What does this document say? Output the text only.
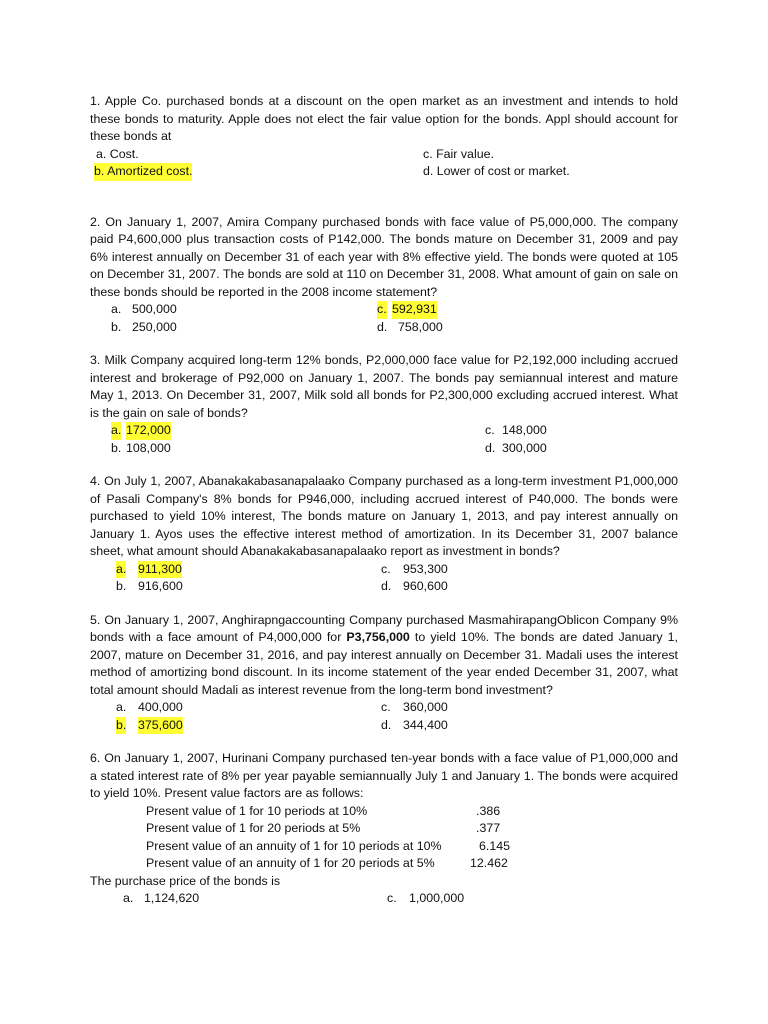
1. Apple Co. purchased bonds at a discount on the open market as an investment and intends to hold these bonds to maturity. Apple does not elect the fair value option for the bonds. Appl should account for these bonds at

a. Cost.
b. Amortized cost.
c. Fair value.
d. Lower of cost or market.

2. On January 1, 2007, Amira Company purchased bonds with face value of P5,000,000. The company paid P4,600,000 plus transaction costs of P142,000. The bonds mature on December 31, 2009 and pay 6% interest annually on December 31 of each year with 8% effective yield. The bonds were quoted at 105 on December 31, 2007. The bonds are sold at 110 on December 31, 2008. What amount of gain on sale on these bonds should be reported in the 2008 income statement?

a. 500,000
b. 250,000
c. 592,931
d. 758,000

3. Milk Company acquired long-term 12% bonds, P2,000,000 face value for P2,192,000 including accrued interest and brokerage of P92,000 on January 1, 2007. The bonds pay semiannual interest and mature May 1, 2013. On December 31, 2007, Milk sold all bonds for P2,300,000 excluding accrued interest. What is the gain on sale of bonds?

a. 172,000
b. 108,000
c. 148,000
d. 300,000

4. On July 1, 2007, Abanakakabasanapalaako Company purchased as a long-term investment P1,000,000 of Pasali Company's 8% bonds for P946,000, including accrued interest of P40,000. The bonds were purchased to yield 10% interest, The bonds mature on January 1, 2013, and pay interest annually on January 1. Ayos uses the effective interest method of amortization. In its December 31, 2007 balance sheet, what amount should Abanakakabasanapalaako report as investment in bonds?

a. 911,300
b. 916,600
c. 953,300
d. 960,600

5. On January 1, 2007, Anghirapngaccounting Company purchased MasmahirapangOblicon Company 9% bonds with a face amount of P4,000,000 for P3,756,000 to yield 10%. The bonds are dated January 1, 2007, mature on December 31, 2016, and pay interest annually on December 31. Madali uses the interest method of amortizing bond discount. In its income statement of the year ended December 31, 2007, what total amount should Madali as interest revenue from the long-term bond investment?

a. 400,000
b. 375,600
c. 360,000
d. 344,400

6. On January 1, 2007, Hurinani Company purchased ten-year bonds with a face value of P1,000,000 and a stated interest rate of 8% per year payable semiannually July 1 and January 1. The bonds were acquired to yield 10%. Present value factors are as follows:

Present value of 1 for 10 periods at 10%	.386
Present value of 1 for 20 periods at 5%	.377
Present value of an annuity of 1 for 10 periods at 10%	6.145
Present value of an annuity of 1 for 20 periods at 5%	12.462

The purchase price of the bonds is

a. 1,124,620	c. 1,000,000
